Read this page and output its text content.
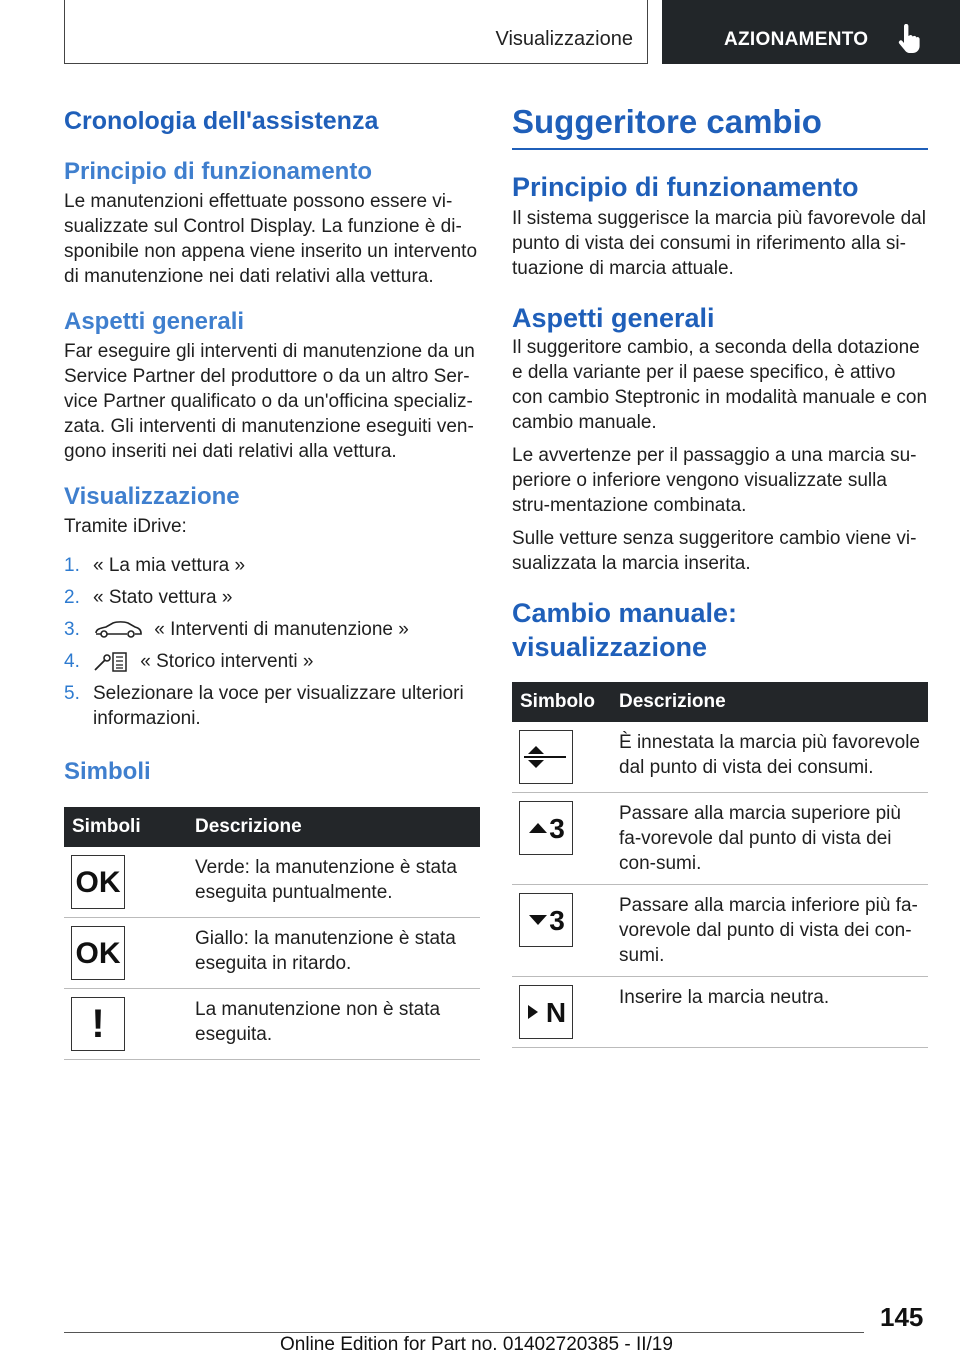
Visualizzazione	AZIONAMENTO
Cronologia dell'assistenza
Principio di funzionamento

Le manutenzioni effettuate possono essere vi-sualizzate sul Control Display. La funzione è di-sponibile non appena viene inserito un intervento di manutenzione nei dati relativi alla vettura.

Aspetti generali

Far eseguire gli interventi di manutenzione da un Service Partner del produttore o da un altro Ser-vice Partner qualificato o da un'officina specializ-zata. Gli interventi di manutenzione eseguiti ven-gono inseriti nei dati relativi alla vettura.

Visualizzazione

Tramite iDrive:

1. « La mia vettura »
2. « Stato vettura »
3.	« Interventi di manutenzione »
4.	« Storico interventi »
5. Selezionare la voce per visualizzare ulteriori informazioni.
Simboli
Simboli	Descrizione

OK	Verde: la manutenzione è stata eseguita puntualmente.

OK	Giallo: la manutenzione è stata eseguita in ritardo.

!	La manutenzione non è stata eseguita.
Suggeritore cambio
Principio di funzionamento

Il sistema suggerisce la marcia più favorevole dal punto di vista dei consumi in riferimento alla si-tuazione di marcia attuale.

Aspetti generali

Il suggeritore cambio, a seconda della dotazione e della variante per il paese specifico, è attivo con cambio Steptronic in modalità manuale e con cambio manuale.

Le avvertenze per il passaggio a una marcia su-periore o inferiore vengono visualizzate sulla stru-mentazione combinata.

Sulle vetture senza suggeritore cambio viene vi-sualizzata la marcia inserita.

Cambio manuale: visualizzazione
Simbolo	Descrizione

	È innestata la marcia più favorevole dal punto di vista dei consumi.

3	Passare alla marcia superiore più fa-vorevole dal punto di vista dei con-sumi.

3	Passare alla marcia inferiore più fa-vorevole dal punto di vista dei con-sumi.

N	Inserire la marcia neutra.
145
Online Edition for Part no. 01402720385 - II/19
